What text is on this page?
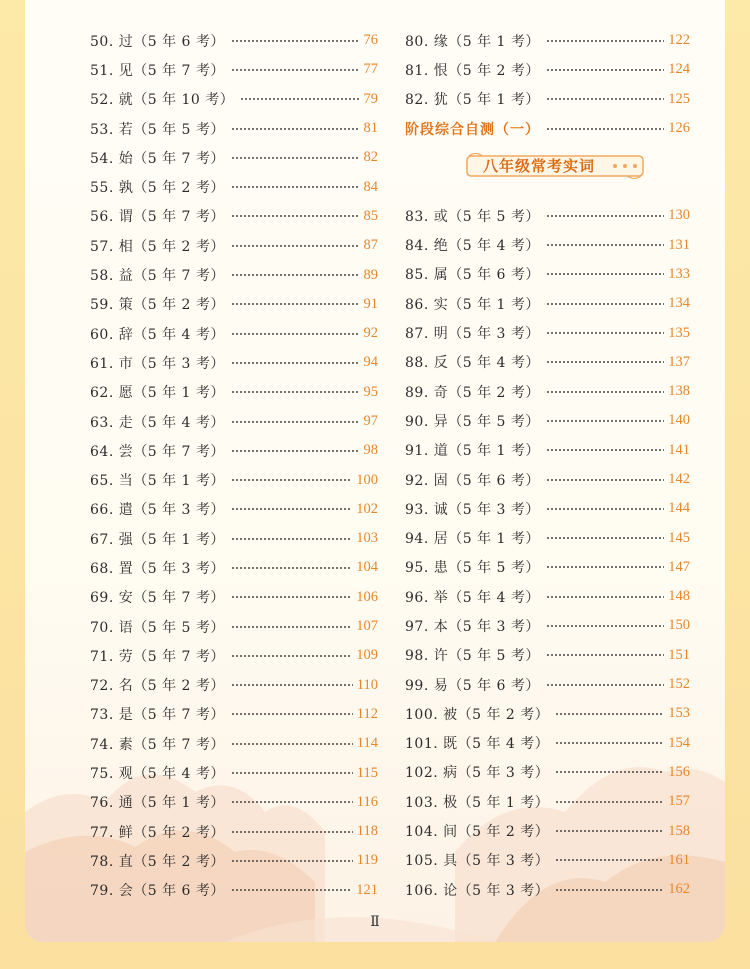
50. 过（5 年 6 考）	76
51. 见（5 年 7 考）	77
52. 就（5 年 10 考）	79
53. 若（5 年 5 考）	81
54. 始（5 年 7 考）	82
55. 孰（5 年 2 考）	84
56. 谓（5 年 7 考）	85
57. 相（5 年 2 考）	87
58. 益（5 年 7 考）	89
59. 策（5 年 2 考）	91
60. 辞（5 年 4 考）	92
61. 市（5 年 3 考）	94
62. 愿（5 年 1 考）	95
63. 走（5 年 4 考）	97
64. 尝（5 年 7 考）	98
65. 当（5 年 1 考）	100
66. 遣（5 年 3 考）	102
67. 强（5 年 1 考）	103
68. 置（5 年 3 考）	104
69. 安（5 年 7 考）	106
70. 语（5 年 5 考）	107
71. 劳（5 年 7 考）	109
72. 名（5 年 2 考）	110
73. 是（5 年 7 考）	112
74. 素（5 年 7 考）	114
75. 观（5 年 4 考）	115
76. 通（5 年 1 考）	116
77. 鲜（5 年 2 考）	118
78. 直（5 年 2 考）	119
79. 会（5 年 6 考）	121
80. 缘（5 年 1 考）	122
81. 恨（5 年 2 考）	124
82. 犹（5 年 1 考）	125
阶段综合自测（一）	126
八年级常考实词
83. 或（5 年 5 考）	130
84. 绝（5 年 4 考）	131
85. 属（5 年 6 考）	133
86. 实（5 年 1 考）	134
87. 明（5 年 3 考）	135
88. 反（5 年 4 考）	137
89. 奇（5 年 2 考）	138
90. 异（5 年 5 考）	140
91. 道（5 年 1 考）	141
92. 固（5 年 6 考）	142
93. 诚（5 年 3 考）	144
94. 居（5 年 1 考）	145
95. 患（5 年 5 考）	147
96. 举（5 年 4 考）	148
97. 本（5 年 3 考）	150
98. 许（5 年 5 考）	151
99. 易（5 年 6 考）	152
100. 被（5 年 2 考）	153
101. 既（5 年 4 考）	154
102. 病（5 年 3 考）	156
103. 极（5 年 1 考）	157
104. 间（5 年 2 考）	158
105. 具（5 年 3 考）	161
106. 论（5 年 3 考）	162
Ⅱ
